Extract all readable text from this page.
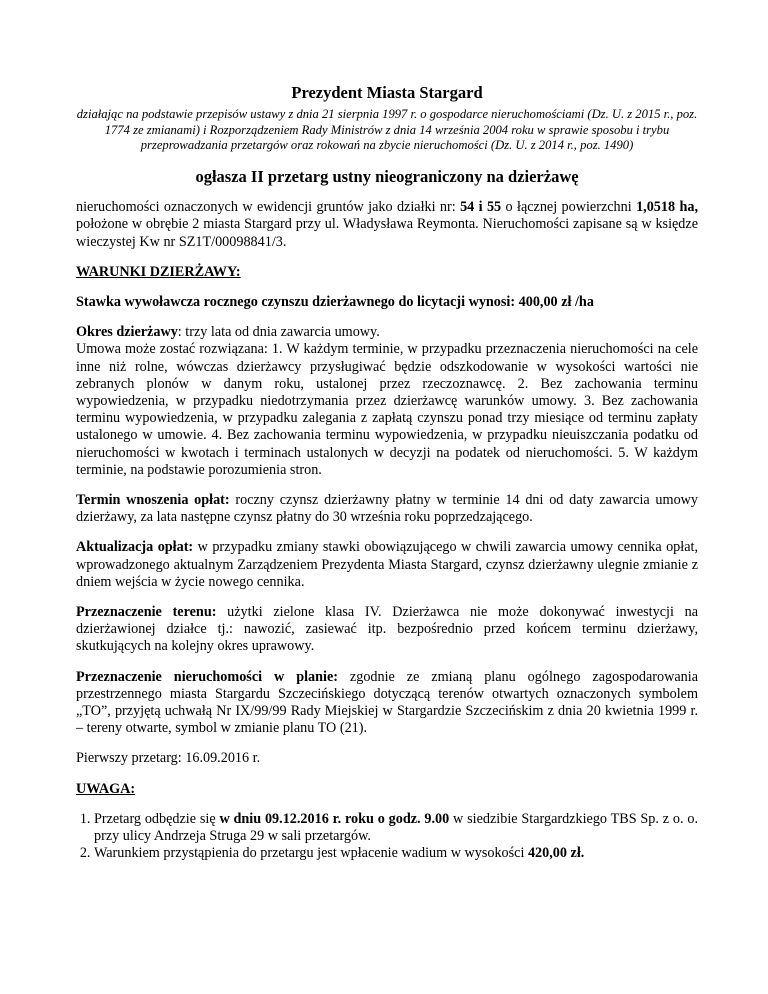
Prezydent Miasta Stargard
działając na podstawie przepisów ustawy z dnia 21 sierpnia 1997 r. o gospodarce nieruchomościami (Dz. U. z 2015 r., poz. 1774 ze zmianami) i Rozporządzeniem Rady Ministrów z dnia 14 września 2004 roku w sprawie sposobu i trybu przeprowadzania przetargów oraz rokowań na zbycie nieruchomości (Dz. U. z 2014 r., poz. 1490)
ogłasza II przetarg ustny nieograniczony na dzierżawę

nieruchomości oznaczonych w ewidencji gruntów jako działki nr: 54 i 55 o łącznej powierzchni 1,0518 ha, położone w obrębie 2 miasta Stargard przy ul. Władysława Reymonta. Nieruchomości zapisane są w księdze wieczystej Kw nr SZ1T/00098841/3.

WARUNKI DZIERŻAWY:

Stawka wywoławcza rocznego czynszu dzierżawnego do licytacji wynosi: 400,00 zł /ha

Okres dzierżawy: trzy lata od dnia zawarcia umowy.

Umowa może zostać rozwiązana: 1. W każdym terminie, w przypadku przeznaczenia nieruchomości na cele inne niż rolne, wówczas dzierżawcy przysługiwać będzie odszkodowanie w wysokości wartości nie zebranych plonów w danym roku, ustalonej przez rzeczoznawcę. 2. Bez zachowania terminu wypowiedzenia, w przypadku niedotrzymania przez dzierżawcę warunków umowy. 3. Bez zachowania terminu wypowiedzenia, w przypadku zalegania z zapłatą czynszu ponad trzy miesiące od terminu zapłaty ustalonego w umowie. 4. Bez zachowania terminu wypowiedzenia, w przypadku nieuiszczania podatku od nieruchomości w kwotach i terminach ustalonych w decyzji na podatek od nieruchomości. 5. W każdym terminie, na podstawie porozumienia stron.

Termin wnoszenia opłat: roczny czynsz dzierżawny płatny w terminie 14 dni od daty zawarcia umowy dzierżawy, za lata następne czynsz płatny do 30 września roku poprzedzającego.

Aktualizacja opłat: w przypadku zmiany stawki obowiązującego w chwili zawarcia umowy cennika opłat, wprowadzonego aktualnym Zarządzeniem Prezydenta Miasta Stargard, czynsz dzierżawny ulegnie zmianie z dniem wejścia w życie nowego cennika.

Przeznaczenie terenu: użytki zielone klasa IV. Dzierżawca nie może dokonywać inwestycji na dzierżawionej działce tj.: nawozić, zasiewać itp. bezpośrednio przed końcem terminu dzierżawy, skutkujących na kolejny okres uprawowy.

Przeznaczenie nieruchomości w planie: zgodnie ze zmianą planu ogólnego zagospodarowania przestrzennego miasta Stargardu Szczecińskiego dotyczącą terenów otwartych oznaczonych symbolem „TO”, przyjętą uchwałą Nr IX/99/99 Rady Miejskiej w Stargardzie Szczecińskim z dnia 20 kwietnia 1999 r. – tereny otwarte, symbol w zmianie planu TO (21).

Pierwszy przetarg: 16.09.2016 r.

UWAGA:

1. Przetarg odbędzie się w dniu 09.12.2016 r. roku o godz. 9.00 w siedzibie Stargardzkiego TBS Sp. z o. o. przy ulicy Andrzeja Struga 29 w sali przetargów.
2. Warunkiem przystąpienia do przetargu jest wpłacenie wadium w wysokości 420,00 zł.
